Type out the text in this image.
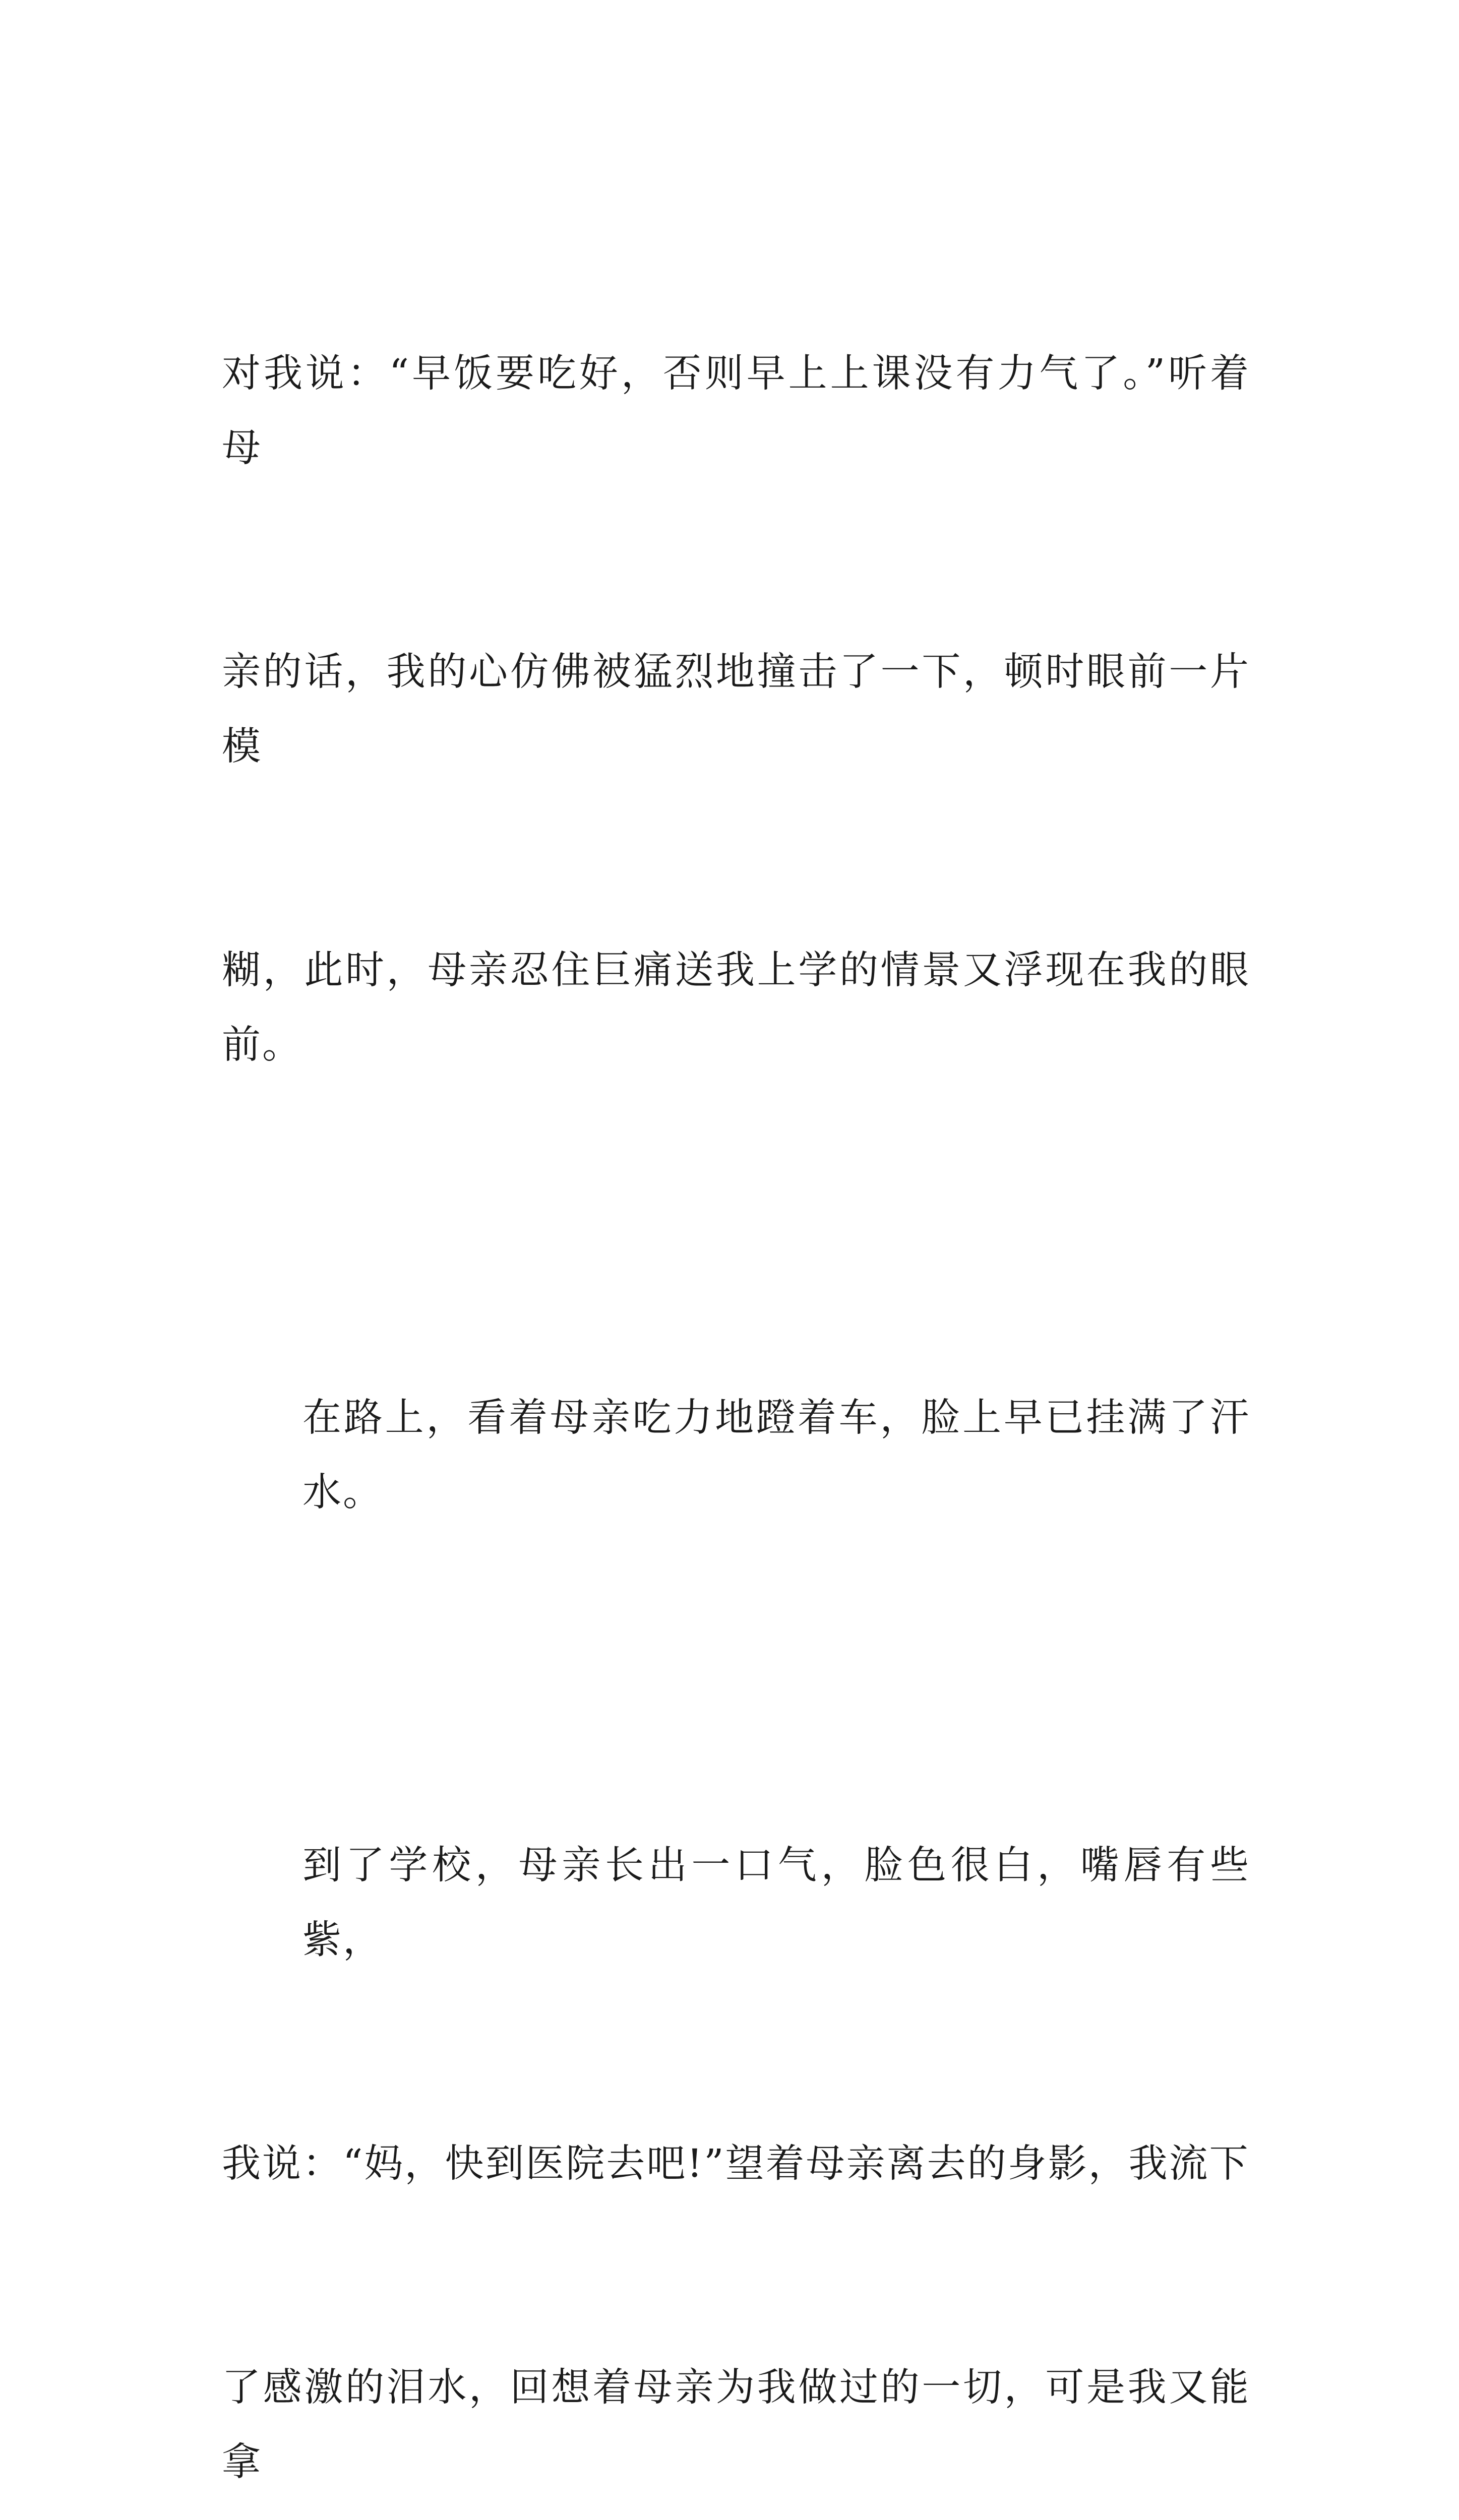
对我说：“早饭要吃好，否则早上上课没有力气了。”听着母

亲的话，我的心仿佛被猛烈地撞击了一下，顿时眼前一片模

糊，此时，母亲忍住巨痛送我上学的情景又浮现在我的眼前。

在路上，看着母亲吃力地蹬着车，脸上早已挂满了汗水。

到了学校，母亲长出一口气，脸色很白，嘴唇有些紫，

我说：“妈，快到医院去吧!”望着母亲离去的身影，我流下

了感激的泪水，回想着母亲为我做过的一切，可是我又能拿
